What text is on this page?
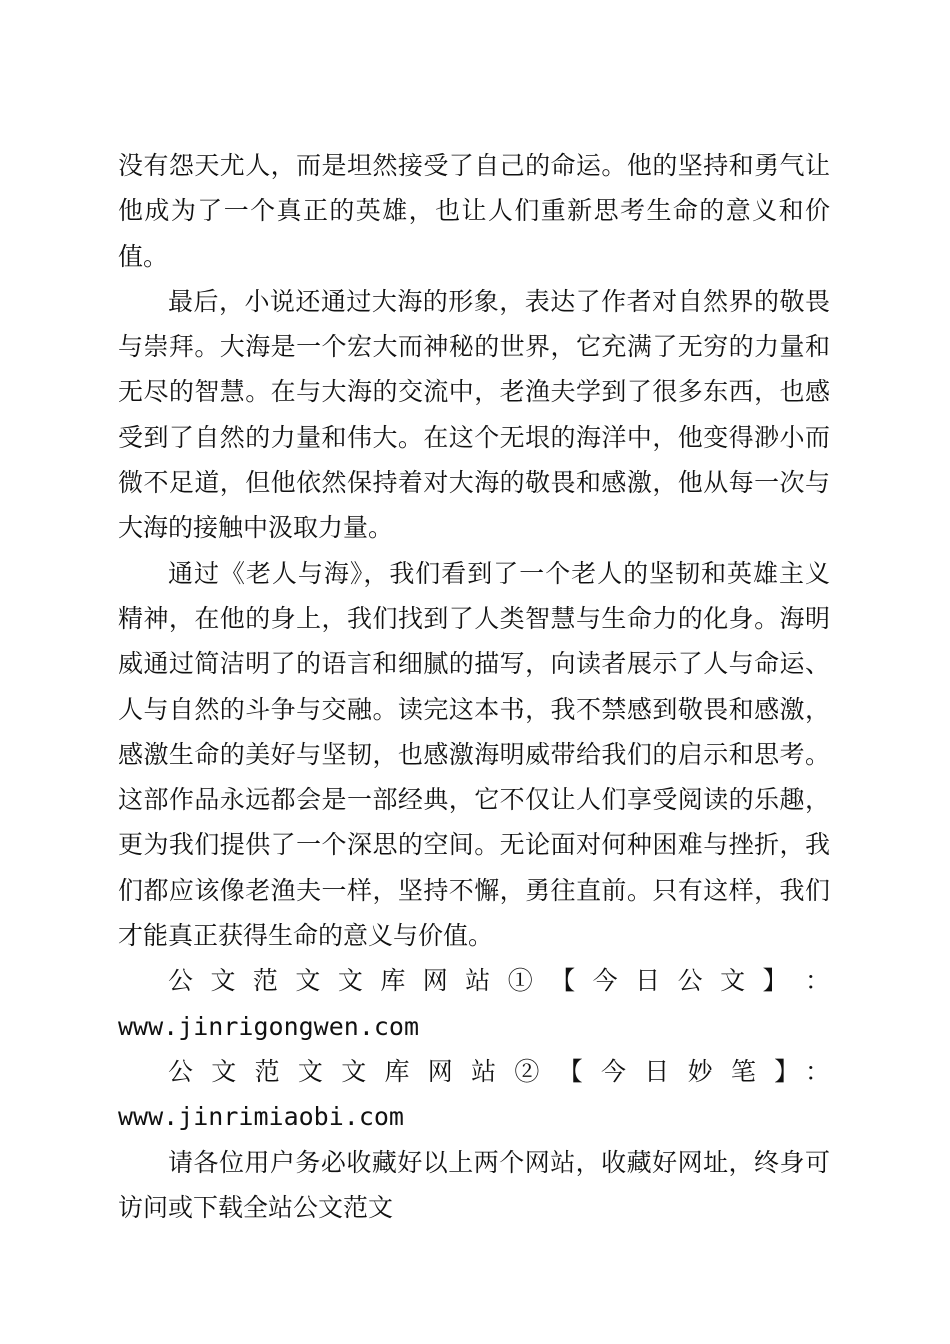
没有怨天尤人，而是坦然接受了自己的命运。他的坚持和勇气让他成为了一个真正的英雄，也让人们重新思考生命的意义和价值。

最后，小说还通过大海的形象，表达了作者对自然界的敬畏与崇拜。大海是一个宏大而神秘的世界，它充满了无穷的力量和无尽的智慧。在与大海的交流中，老渔夫学到了很多东西，也感受到了自然的力量和伟大。在这个无垠的海洋中，他变得渺小而微不足道，但他依然保持着对大海的敬畏和感激，他从每一次与大海的接触中汲取力量。

通过《老人与海》，我们看到了一个老人的坚韧和英雄主义精神，在他的身上，我们找到了人类智慧与生命力的化身。海明威通过简洁明了的语言和细腻的描写，向读者展示了人与命运、人与自然的斗争与交融。读完这本书，我不禁感到敬畏和感激，感激生命的美好与坚韧，也感激海明威带给我们的启示和思考。这部作品永远都会是一部经典，它不仅让人们享受阅读的乐趣，更为我们提供了一个深思的空间。无论面对何种困难与挫折，我们都应该像老渔夫一样，坚持不懈，勇往直前。只有这样，我们才能真正获得生命的意义与价值。

公 文 范 文 文 库 网 站 ① 【 今 日 公 文 】 ：
www.jinrigongwen.com

公文范文文库网站②【今日妙笔】：www.jinrimiaobi.com

请各位用户务必收藏好以上两个网站，收藏好网址，终身可访问或下载全站公文范文
